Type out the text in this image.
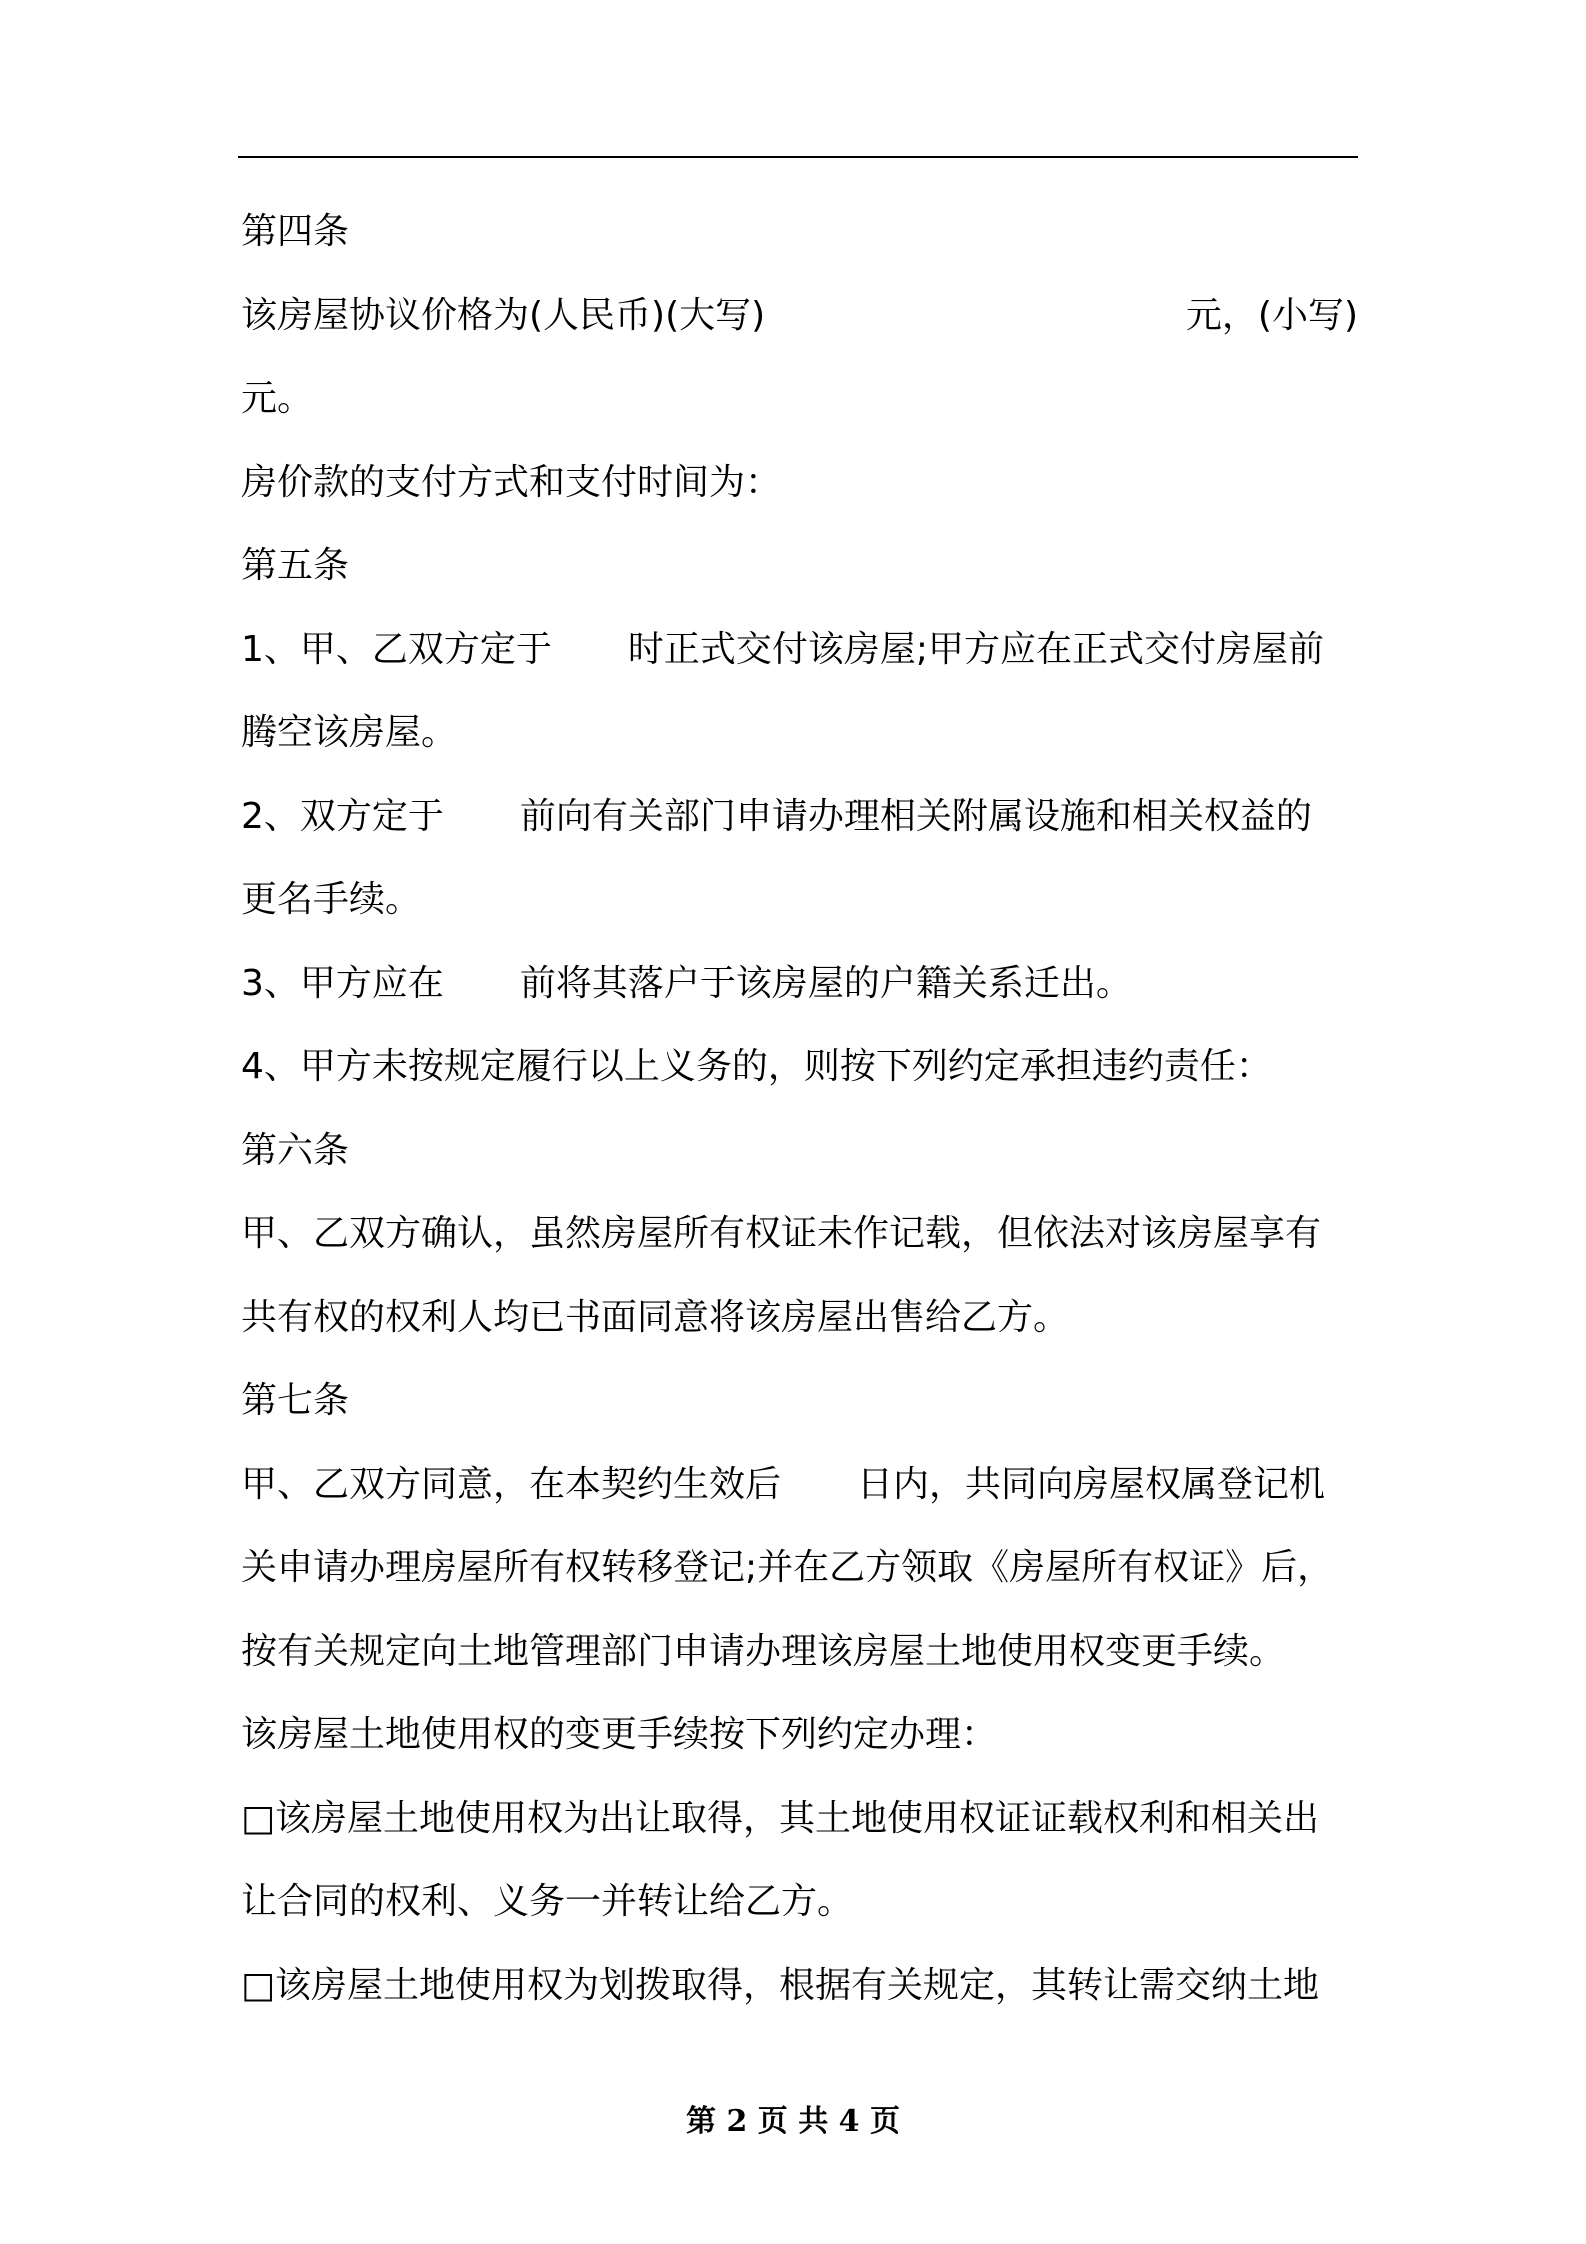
第四条
该房屋协议价格为(人民币)(大写)	元，(小写)
元。
房价款的支付方式和支付时间为：
第五条
1、甲、乙双方定于 时正式交付该房屋;甲方应在正式交付房屋前
腾空该房屋。
2、双方定于 前向有关部门申请办理相关附属设施和相关权益的
更名手续。
3、甲方应在 前将其落户于该房屋的户籍关系迁出。
4、甲方未按规定履行以上义务的，则按下列约定承担违约责任：
第六条
甲、乙双方确认，虽然房屋所有权证未作记载，但依法对该房屋享有
共有权的权利人均已书面同意将该房屋出售给乙方。
第七条
甲、乙双方同意，在本契约生效后 日内，共同向房屋权属登记机
关申请办理房屋所有权转移登记;并在乙方领取《房屋所有权证》后，
按有关规定向土地管理部门申请办理该房屋土地使用权变更手续。
该房屋土地使用权的变更手续按下列约定办理：
□该房屋土地使用权为出让取得，其土地使用权证证载权利和相关出
让合同的权利、义务一并转让给乙方。
□该房屋土地使用权为划拨取得，根据有关规定，其转让需交纳土地
第 2 页 共 4 页
